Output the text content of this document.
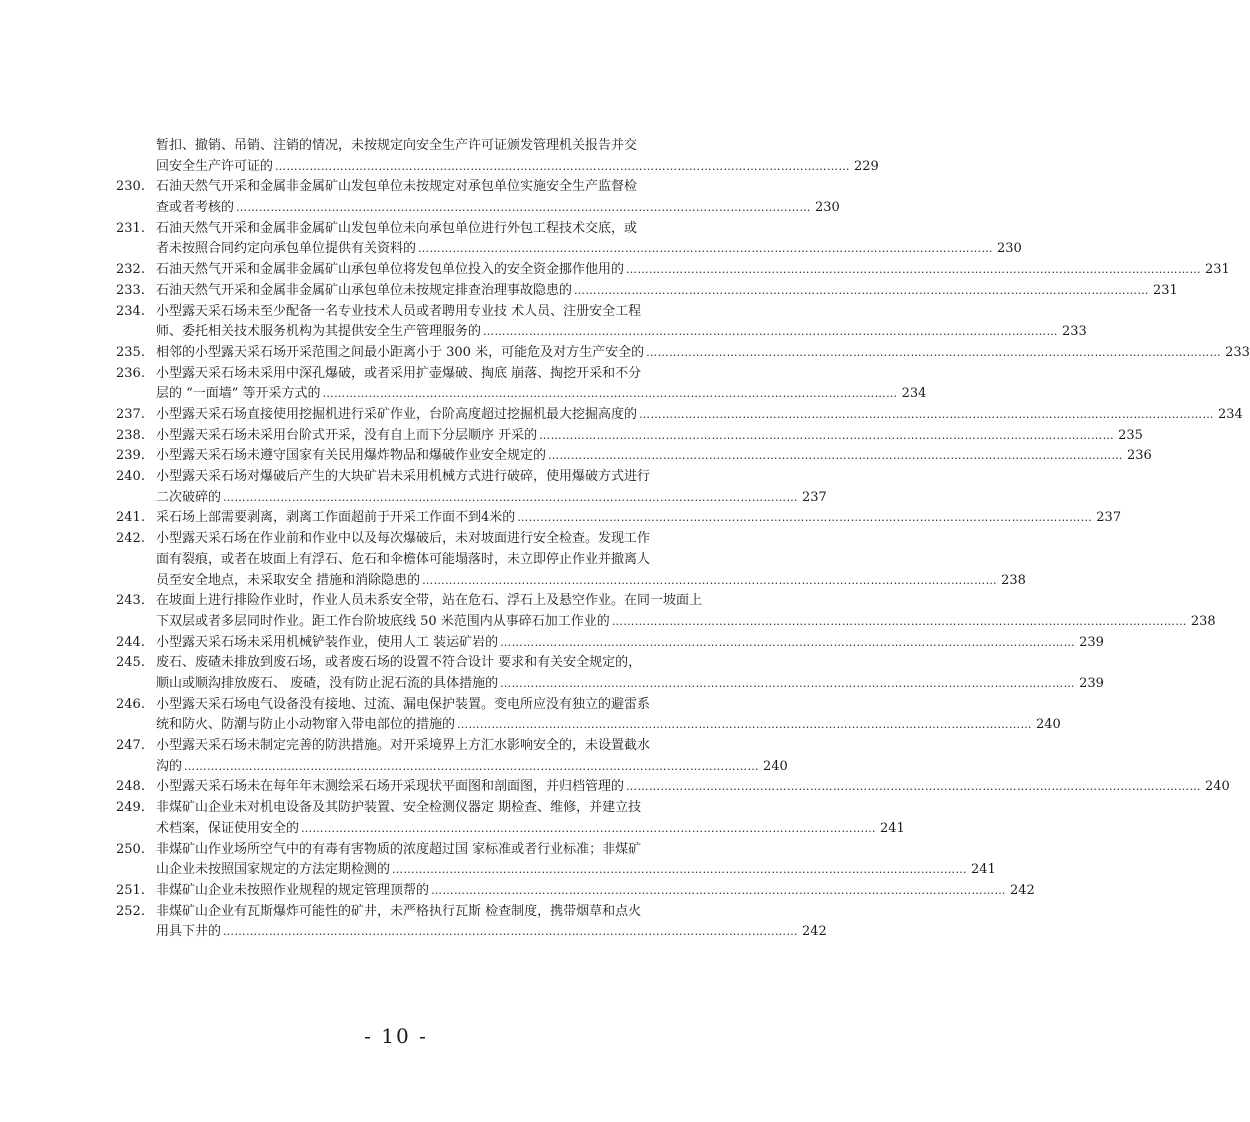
暂扣、撤销、吊销、注销的情况，未按规定向安全生产许可证颁发管理机关报告并交
回安全生产许可证的 …………………………………………………………………………………………………………………………………… 229
230. 石油天然气开采和金属非金属矿山发包单位未按规定对承包单位实施安全生产监督检
查或者考核的 …………………………………………………………………………………………………………………………………… 230
231. 石油天然气开采和金属非金属矿山发包单位未向承包单位进行外包工程技术交底，或
者未按照合同约定向承包单位提供有关资料的 …………………………………………………………………………………………………………………………………… 230
232. 石油天然气开采和金属非金属矿山承包单位将发包单位投入的安全资金挪作他用的 …………………………………………………………………………………………………………………………………… 231
233. 石油天然气开采和金属非金属矿山承包单位未按规定排查治理事故隐患的 …………………………………………………………………………………………………………………………………… 231
234. 小型露天采石场未至少配备一名专业技术人员或者聘用专业技 术人员、注册安全工程
师、委托相关技术服务机构为其提供安全生产管理服务的 …………………………………………………………………………………………………………………………………… 233
235. 相邻的小型露天采石场开采范围之间最小距离小于 300 米，可能危及对方生产安全的 …………………………………………………………………………………………………………………………………… 233
236. 小型露天采石场未采用中深孔爆破，或者采用扩壶爆破、掏底 崩落、掏挖开采和不分
层的 “一面墙” 等开采方式的 …………………………………………………………………………………………………………………………………… 234
237. 小型露天采石场直接使用挖掘机进行采矿作业，台阶高度超过挖掘机最大挖掘高度的 …………………………………………………………………………………………………………………………………… 234
238. 小型露天采石场未采用台阶式开采，没有自上而下分层顺序 开采的 …………………………………………………………………………………………………………………………………… 235
239. 小型露天采石场未遵守国家有关民用爆炸物品和爆破作业安全规定的 …………………………………………………………………………………………………………………………………… 236
240. 小型露天采石场对爆破后产生的大块矿岩未采用机械方式进行破碎，使用爆破方式进行
二次破碎的 …………………………………………………………………………………………………………………………………… 237
241. 采石场上部需要剥离，剥离工作面超前于开采工作面不到4米的 …………………………………………………………………………………………………………………………………… 237
242. 小型露天采石场在作业前和作业中以及每次爆破后，未对坡面进行安全检查。发现工作
面有裂痕，或者在坡面上有浮石、危石和伞檐体可能塌落时，未立即停止作业并撤离人
员至安全地点，未采取安全 措施和消除隐患的 …………………………………………………………………………………………………………………………………… 238
243. 在坡面上进行排险作业时，作业人员未系安全带，站在危石、浮石上及悬空作业。在同一坡面上
下双层或者多层同时作业。距工作台阶坡底线 50 米范围内从事碎石加工作业的 …………………………………………………………………………………………………………………………………… 238
244. 小型露天采石场未采用机械铲装作业，使用人工 装运矿岩的 …………………………………………………………………………………………………………………………………… 239
245. 废石、废碴未排放到废石场，或者废石场的设置不符合设计 要求和有关安全规定的，
顺山或顺沟排放废石、 废碴，没有防止泥石流的具体措施的 …………………………………………………………………………………………………………………………………… 239
246. 小型露天采石场电气设备没有接地、过流、漏电保护装置。变电所应没有独立的避雷系
统和防火、防潮与防止小动物窜入带电部位的措施的 …………………………………………………………………………………………………………………………………… 240
247. 小型露天采石场未制定完善的防洪措施。对开采境界上方汇水影响安全的，未设置截水
沟的 …………………………………………………………………………………………………………………………………… 240
248. 小型露天采石场未在每年年末测绘采石场开采现状平面图和剖面图，并归档管理的 …………………………………………………………………………………………………………………………………… 240
249. 非煤矿山企业未对机电设备及其防护装置、安全检测仪器定 期检查、维修，并建立技
术档案，保证使用安全的 …………………………………………………………………………………………………………………………………… 241
250. 非煤矿山作业场所空气中的有毒有害物质的浓度超过国 家标准或者行业标准；非煤矿
山企业未按照国家规定的方法定期检测的 …………………………………………………………………………………………………………………………………… 241
251. 非煤矿山企业未按照作业规程的规定管理顶帮的 …………………………………………………………………………………………………………………………………… 242
252. 非煤矿山企业有瓦斯爆炸可能性的矿井，未严格执行瓦斯 检查制度，携带烟草和点火
用具下井的 …………………………………………………………………………………………………………………………………… 242
- 10 -
